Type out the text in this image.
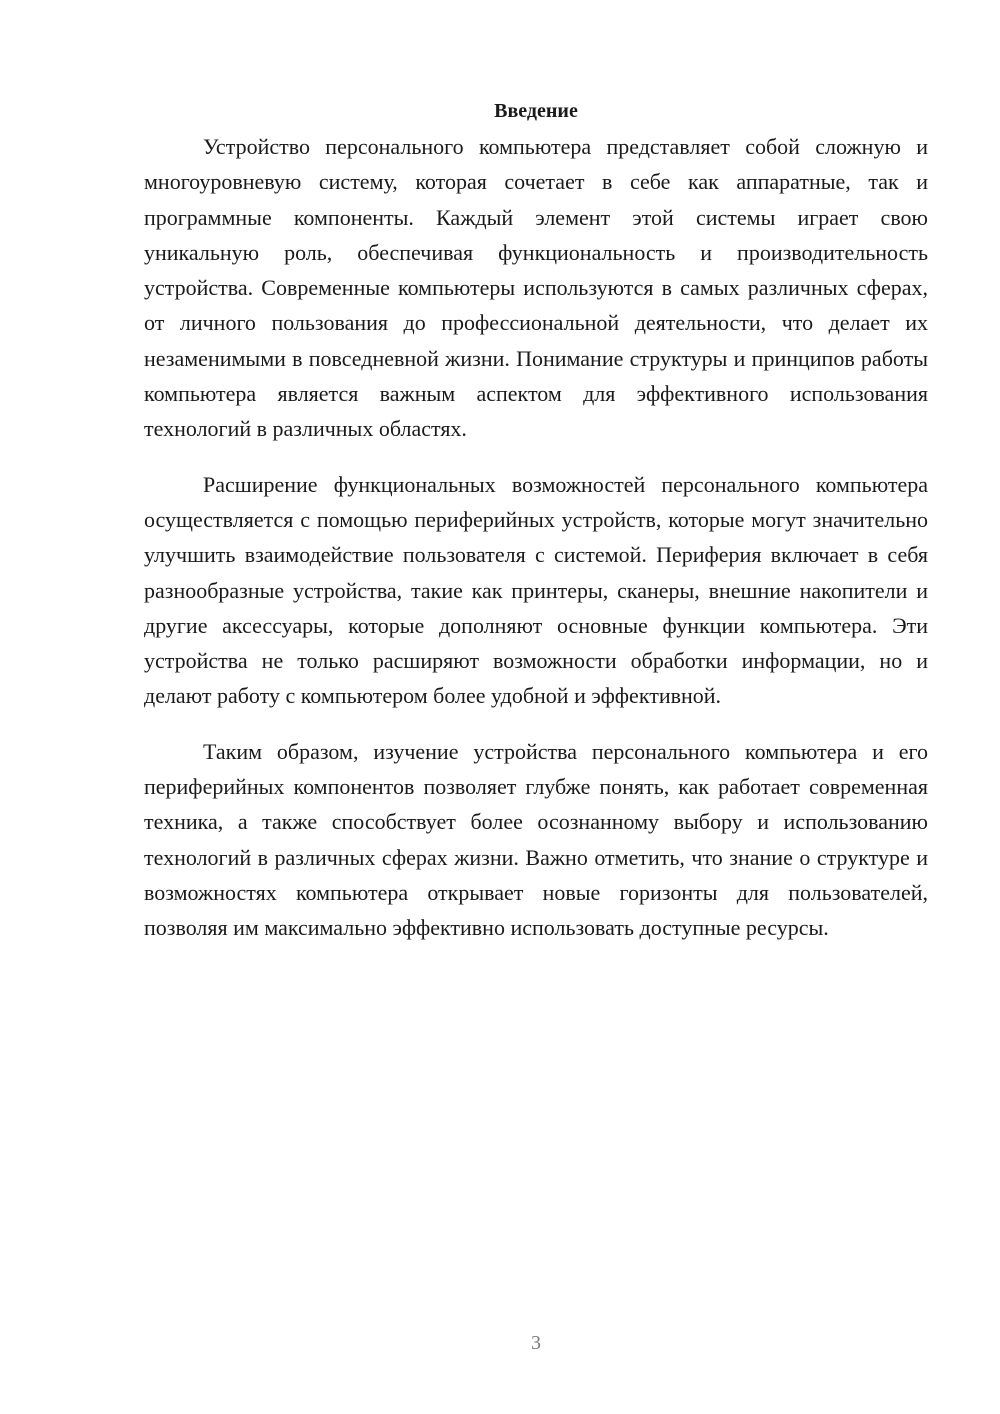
Введение

Устройство персонального компьютера представляет собой сложную и многоуровневую систему, которая сочетает в себе как аппаратные, так и программные компоненты. Каждый элемент этой системы играет свою уникальную роль, обеспечивая функциональность и производительность устройства. Современные компьютеры используются в самых различных сферах, от личного пользования до профессиональной деятельности, что делает их незаменимыми в повседневной жизни. Понимание структуры и принципов работы компьютера является важным аспектом для эффективного использования технологий в различных областях.

Расширение функциональных возможностей персонального компьютера осуществляется с помощью периферийных устройств, которые могут значительно улучшить взаимодействие пользователя с системой. Периферия включает в себя разнообразные устройства, такие как принтеры, сканеры, внешние накопители и другие аксессуары, которые дополняют основные функции компьютера. Эти устройства не только расширяют возможности обработки информации, но и делают работу с компьютером более удобной и эффективной.

Таким образом, изучение устройства персонального компьютера и его периферийных компонентов позволяет глубже понять, как работает современная техника, а также способствует более осознанному выбору и использованию технологий в различных сферах жизни. Важно отметить, что знание о структуре и возможностях компьютера открывает новые горизонты для пользователей, позволяя им максимально эффективно использовать доступные ресурсы.

3
